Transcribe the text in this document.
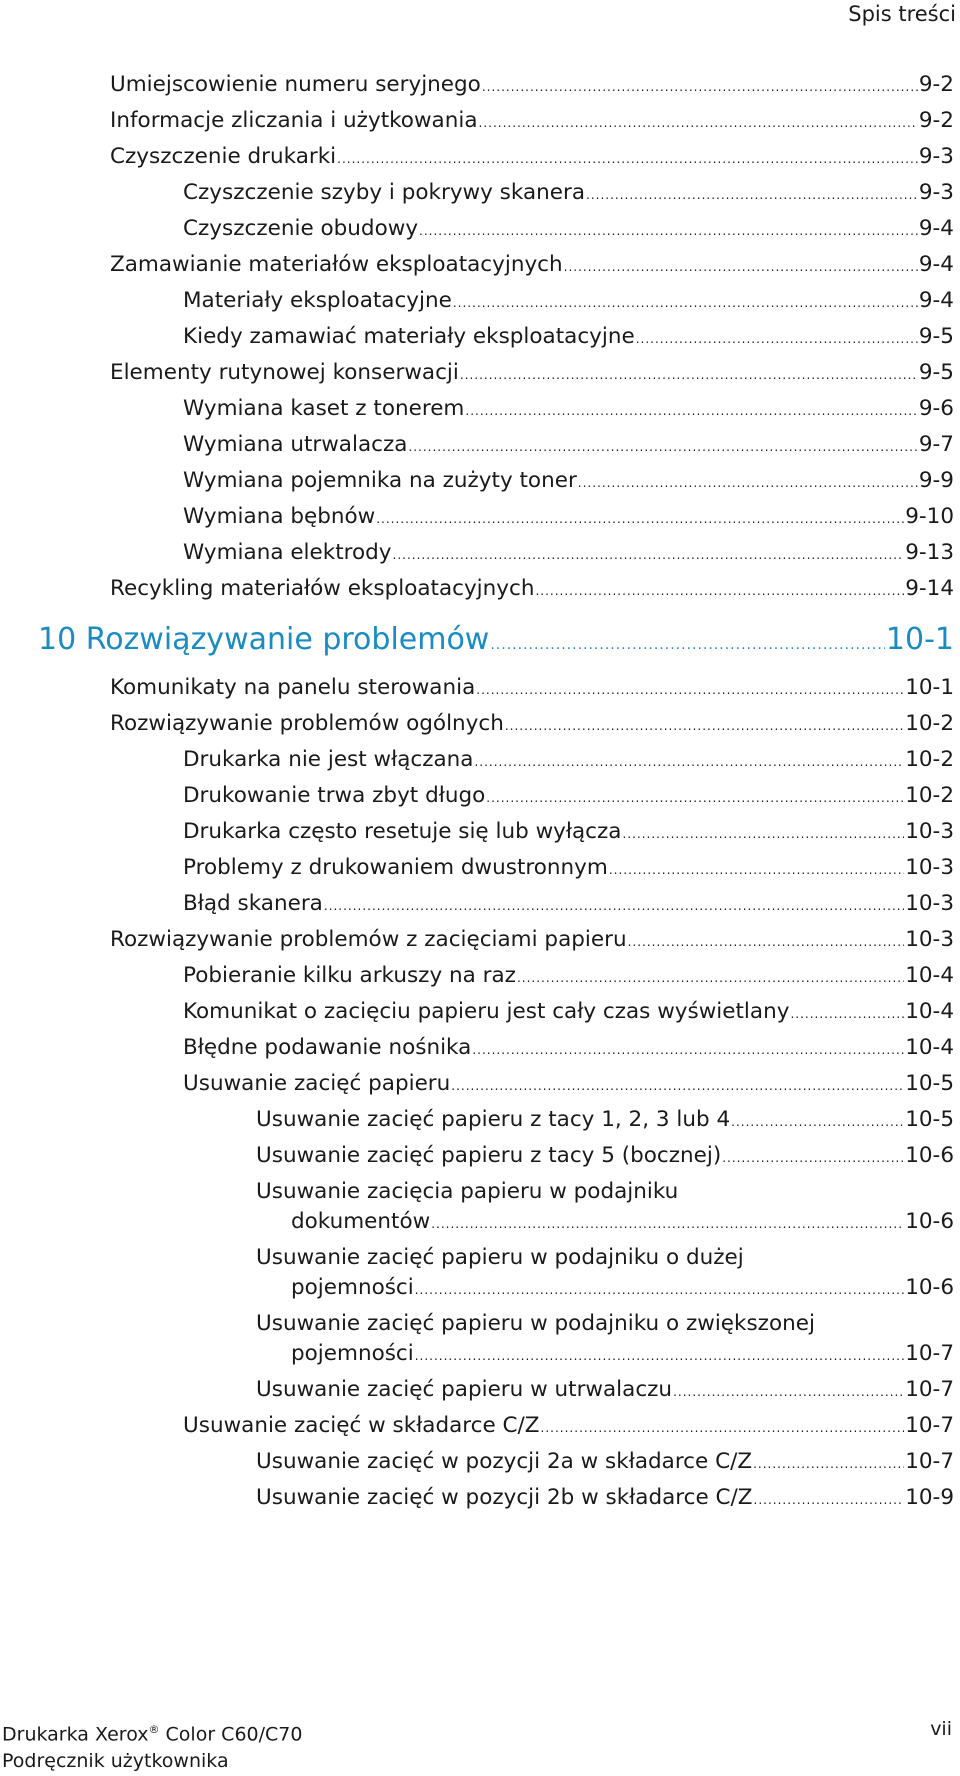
Spis treści
Umiejscowienie numeru seryjnego .....	9-2
Informacje zliczania i użytkowania .....	9-2
Czyszczenie drukarki .....	9-3
Czyszczenie szyby i pokrywy skanera .....	9-3
Czyszczenie obudowy .....	9-4
Zamawianie materiałów eksploatacyjnych .....	9-4
Materiały eksploatacyjne .....	9-4
Kiedy zamawiać materiały eksploatacyjne .....	9-5
Elementy rutynowej konserwacji .....	9-5
Wymiana kaset z tonerem .....	9-6
Wymiana utrwalacza .....	9-7
Wymiana pojemnika na zużyty toner .....	9-9
Wymiana bębnów .....	9-10
Wymiana elektrody .....	9-13
Recykling materiałów eksploatacyjnych .....	9-14
10 Rozwiązywanie problemów .....	10-1
Komunikaty na panelu sterowania .....	10-1
Rozwiązywanie problemów ogólnych .....	10-2
Drukarka nie jest włączana .....	10-2
Drukowanie trwa zbyt długo .....	10-2
Drukarka często resetuje się lub wyłącza .....	10-3
Problemy z drukowaniem dwustronnym .....	10-3
Błąd skanera .....	10-3
Rozwiązywanie problemów z zacięciami papieru .....	10-3
Pobieranie kilku arkuszy na raz .....	10-4
Komunikat o zacięciu papieru jest cały czas wyświetlany .....	10-4
Błędne podawanie nośnika .....	10-4
Usuwanie zacięć papieru .....	10-5
Usuwanie zacięć papieru z tacy 1, 2, 3 lub 4 .....	10-5
Usuwanie zacięć papieru z tacy 5 (bocznej) .....	10-6
Usuwanie zacięcia papieru w podajniku
dokumentów .....	10-6
Usuwanie zacięć papieru w podajniku o dużej
pojemności .....	10-6
Usuwanie zacięć papieru w podajniku o zwiększonej
pojemności .....	10-7
Usuwanie zacięć papieru w utrwalaczu .....	10-7
Usuwanie zacięć w składarce C/Z .....	10-7
Usuwanie zacięć w pozycji 2a w składarce C/Z .....	10-7
Usuwanie zacięć w pozycji 2b w składarce C/Z .....	10-9
Drukarka Xerox® Color C60/C70
Podręcznik użytkownika
vii
